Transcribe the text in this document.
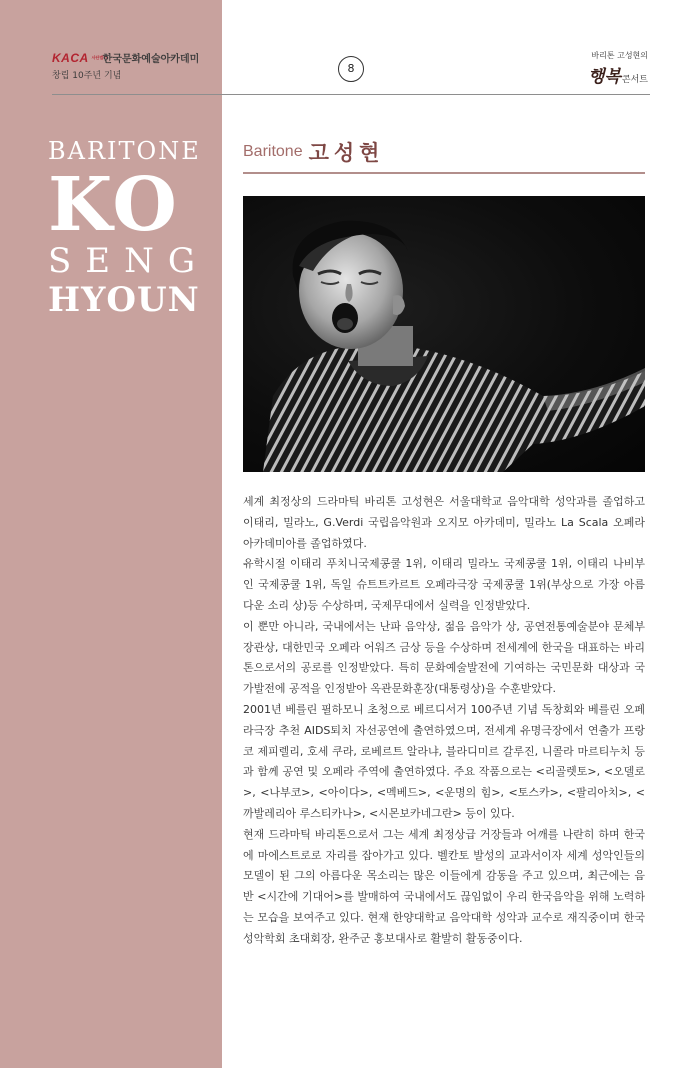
KACA 사단법인
한국문화예술아카데미
창립 10주년 기념
8
바리톤 고성현의
행복 콘서트
BARITONE
KO
SENG
HYOUN
Baritone 고성현

세계 최정상의 드라마틱 바리톤 고성현은 서울대학교 음악대학 성악과를 졸업하고 이태리, 밀라노, G.Verdi 국립음악원과 오지모 아카데미, 밀라노 La Scala 오페라 아카데미아를 졸업하였다.

유학시절 이태리 푸치니국제콩쿨 1위, 이태리 밀라노 국제콩쿨 1위, 이태리 나비부인 국제콩쿨 1위, 독일 슈트트카르트 오페라극장 국제콩쿨 1위(부상으로 가장 아름다운 소리 상)등 수상하며, 국제무대에서 실력을 인정받았다.

이 뿐만 아니라, 국내에서는 난파 음악상, 젊음 음악가 상, 공연전통예술분야 문체부장관상, 대한민국 오페라 어워즈 금상 등을 수상하며 전세계에 한국을 대표하는 바리톤으로서의 공로를 인정받았다. 특히 문화예술발전에 기여하는 국민문화 대상과 국가발전에 공적을 인정받아 옥관문화훈장(대통령상)을 수훈받았다.

2001년 베를린 필하모니 초청으로 베르디서거 100주년 기념 독창회와 베를린 오페라극장 추천 AIDS퇴치 자선공연에 출연하였으며, 전세계 유명극장에서 연출가 프랑코 제피렐리, 호세 쿠라, 로베르트 알라냐, 블라디미르 갈루진, 니콜라 마르티누치 등과 함께 공연 및 오페라 주역에 출연하였다. 주요 작품으로는 <리골렛토>, <오델로>, <나부코>, <아이다>, <멕베드>, <운명의 힘>, <토스카>, <팔리아치>, <까발레리아 루스티카나>, <시몬보카네그란> 등이 있다.

현재 드라마틱 바리톤으로서 그는 세계 최정상급 거장들과 어깨를 나란히 하며 한국에 마에스트로로 자리를 잡아가고 있다. 벨칸토 발성의 교과서이자 세계 성악인들의 모델이 된 그의 아름다운 목소리는 많은 이들에게 감동을 주고 있으며, 최근에는 음반 <시간에 기대어>를 발매하여 국내에서도 끊임없이 우리 한국음악을 위해 노력하는 모습을 보여주고 있다. 현재 한양대학교 음악대학 성악과 교수로 재직중이며 한국성악학회 초대회장, 완주군 홍보대사로 활발히 활동중이다.
